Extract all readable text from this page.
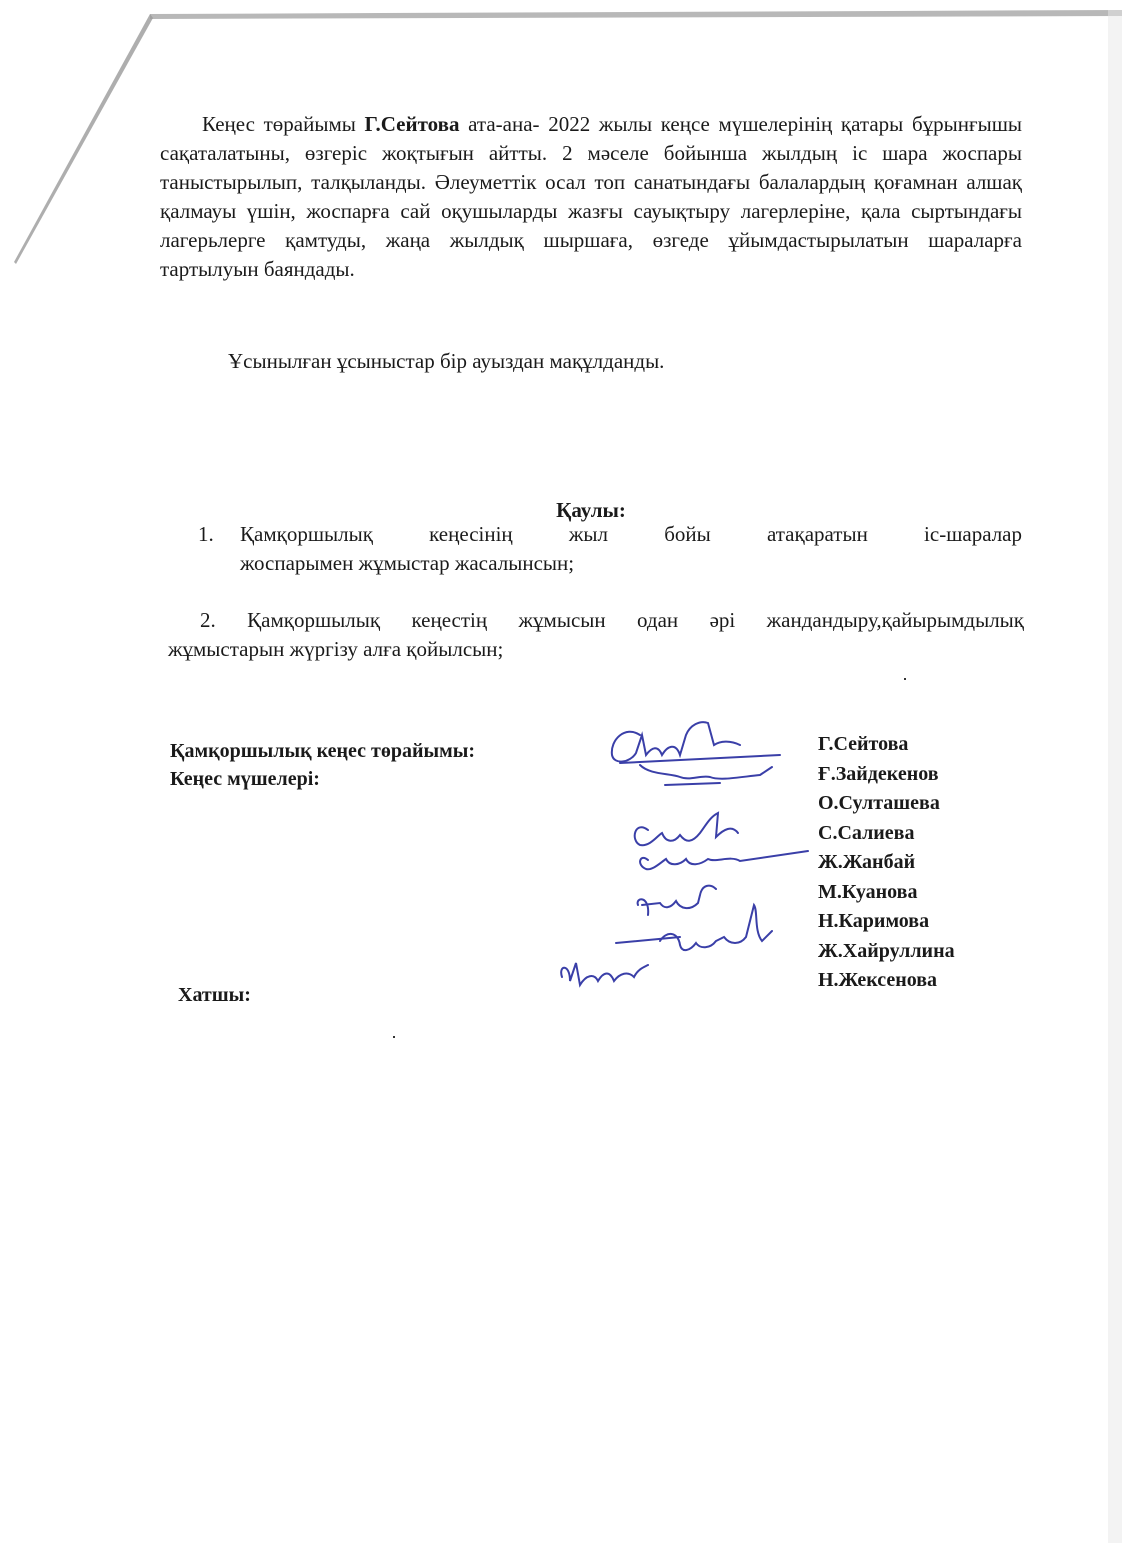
Кеңес төрайымы Г.Сейтова ата-ана- 2022 жылы кеңсе мүшелерінің қатары бұрынғышы сақаталатыны, өзгеріс жоқтығын айтты. 2 мәселе бойынша жылдың іс шара жоспары таныстырылып, талқыланды. Әлеуметтік осал топ санатындағы балалардың қоғамнан алшақ қалмауы үшін, жоспарға сай оқушыларды жазғы сауықтыру лагерлеріне, қала сыртындағы лагерьлерге қамтуды, жаңа жылдық шыршаға, өзгеде ұйымдастырылатын шараларға тартылуын баяндады.

Ұсынылған ұсыныстар бір ауыздан мақұлданды.

Қаулы:
1.	Қамқоршылық кеңесінің жыл бойы атақаратын іс-шаралар
жоспарымен жұмыстар жасалынсын;
2. Қамқоршылық кеңестің жұмысын одан әрі жандандыру,қайырымдылық
жұмыстарын жүргізу алға қойылсын;
Қамқоршылық кеңес төрайымы:
Кеңес мүшелері:
Хатшы:
Г.Сейтова
Ғ.Зайдекенов
О.Султашева
С.Салиева
Ж.Жанбай
М.Куанова
Н.Каримова
Ж.Хайруллина
Н.Жексенова
